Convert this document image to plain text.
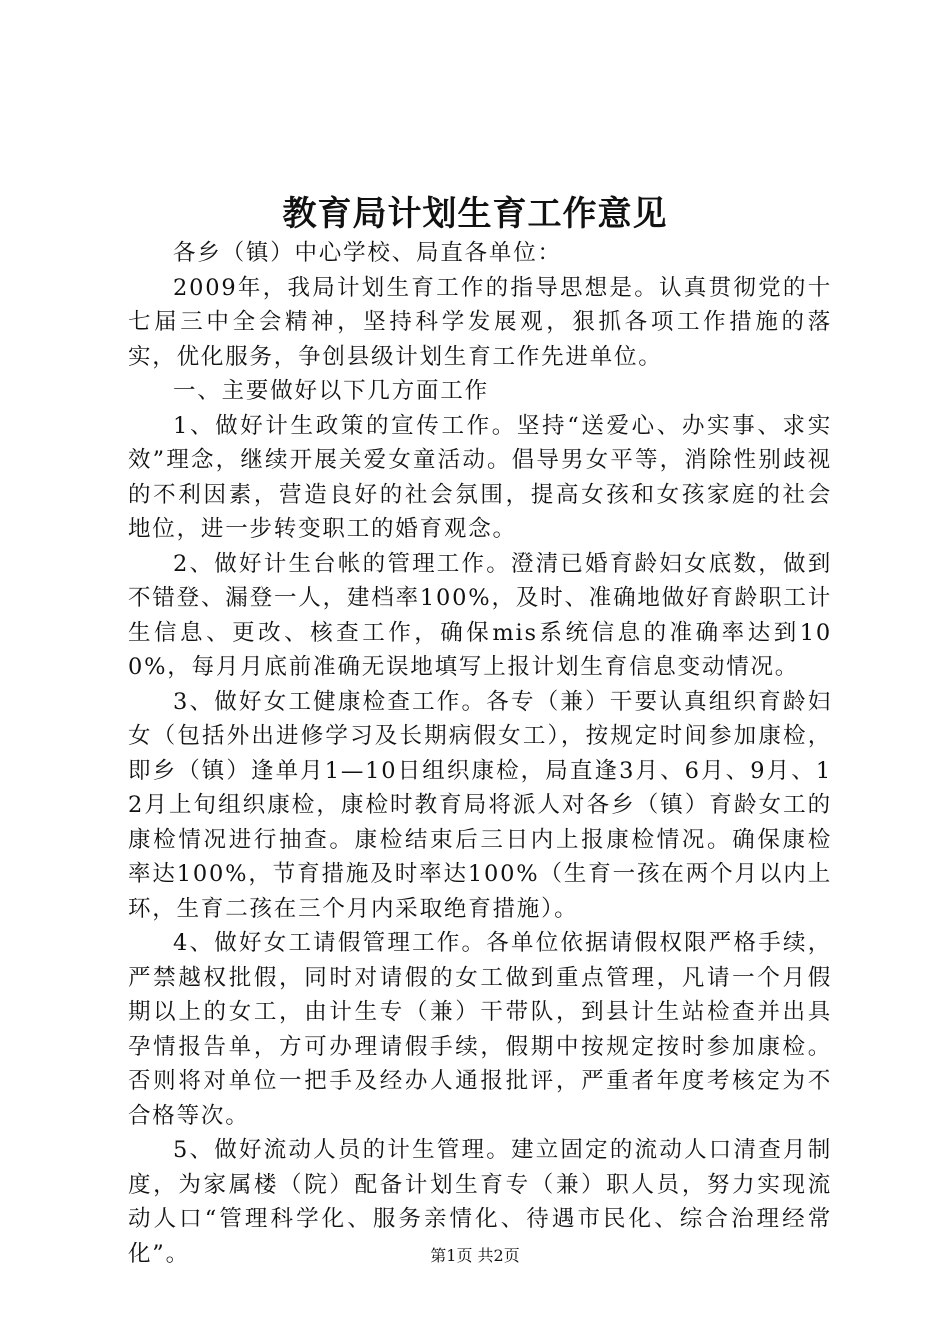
教育局计划生育工作意见

各乡（镇）中心学校、局直各单位：

2009年，我局计划生育工作的指导思想是。认真贯彻党的十七届三中全会精神，坚持科学发展观，狠抓各项工作措施的落实，优化服务，争创县级计划生育工作先进单位。

一、主要做好以下几方面工作

1、做好计生政策的宣传工作。坚持“送爱心、办实事、求实效”理念，继续开展关爱女童活动。倡导男女平等，消除性别歧视的不利因素，营造良好的社会氛围，提高女孩和女孩家庭的社会地位，进一步转变职工的婚育观念。

2、做好计生台帐的管理工作。澄清已婚育龄妇女底数，做到不错登、漏登一人，建档率100%，及时、准确地做好育龄职工计生信息、更改、核查工作，确保mis系统信息的准确率达到100%，每月月底前准确无误地填写上报计划生育信息变动情况。

3、做好女工健康检查工作。各专（兼）干要认真组织育龄妇女（包括外出进修学习及长期病假女工），按规定时间参加康检，即乡（镇）逢单月1—10日组织康检，局直逢3月、6月、9月、12月上旬组织康检，康检时教育局将派人对各乡（镇）育龄女工的康检情况进行抽查。康检结束后三日内上报康检情况。确保康检率达100%，节育措施及时率达100%（生育一孩在两个月以内上环，生育二孩在三个月内采取绝育措施）。

4、做好女工请假管理工作。各单位依据请假权限严格手续，严禁越权批假，同时对请假的女工做到重点管理，凡请一个月假期以上的女工，由计生专（兼）干带队，到县计生站检查并出具孕情报告单，方可办理请假手续，假期中按规定按时参加康检。否则将对单位一把手及经办人通报批评，严重者年度考核定为不合格等次。

5、做好流动人员的计生管理。建立固定的流动人口清查月制度，为家属楼（院）配备计划生育专（兼）职人员，努力实现流动人口“管理科学化、服务亲情化、待遇市民化、综合治理经常化”。	第1页 共2页
